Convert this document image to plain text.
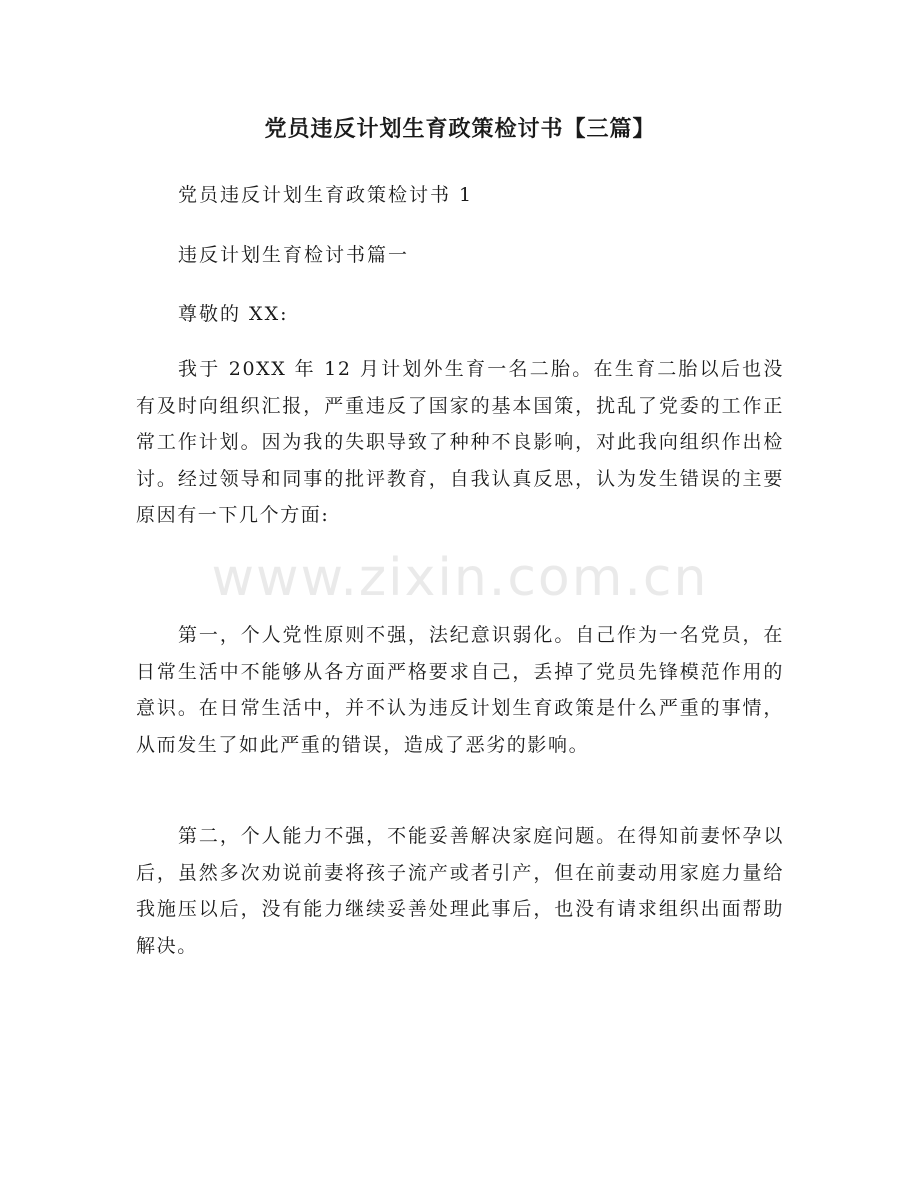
党员违反计划生育政策检讨书【三篇】

党员违反计划生育政策检讨书 1

违反计划生育检讨书篇一

尊敬的 XX:

我于 20XX 年 12 月计划外生育一名二胎。在生育二胎以后也没有及时向组织汇报，严重违反了国家的基本国策，扰乱了党委的工作正常工作计划。因为我的失职导致了种种不良影响，对此我向组织作出检讨。经过领导和同事的批评教育，自我认真反思，认为发生错误的主要原因有一下几个方面:

第一，个人党性原则不强，法纪意识弱化。自己作为一名党员，在日常生活中不能够从各方面严格要求自己，丢掉了党员先锋模范作用的意识。在日常生活中，并不认为违反计划生育政策是什么严重的事情，从而发生了如此严重的错误，造成了恶劣的影响。

第二，个人能力不强，不能妥善解决家庭问题。在得知前妻怀孕以后，虽然多次劝说前妻将孩子流产或者引产，但在前妻动用家庭力量给我施压以后，没有能力继续妥善处理此事后，也没有请求组织出面帮助解决。

www.zixin.com.cn
